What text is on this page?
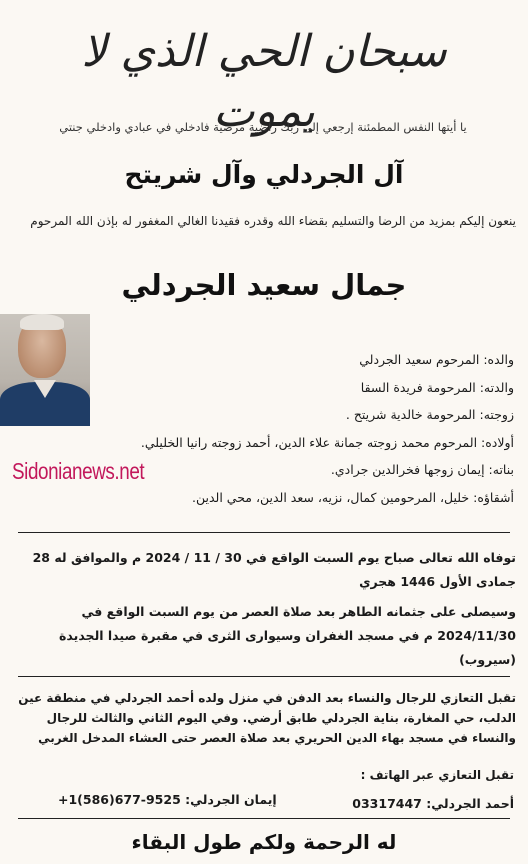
سبحان الحي الذي لا يموت
يا أيتها النفس المطمئنة إرجعي إلى ربك راضية مرضية فادخلي في عبادي وادخلي جنتي
آل الجردلي وآل شريتح
ينعون إليكم بمزيد من الرضا والتسليم بقضاء الله وقدره فقيدنا الغالي المغفور له بإذن الله المرحوم
جمال سعيد الجردلي
والده: المرحوم سعيد الجردلي
والدته: المرحومة فريدة السقا
زوجته: المرحومة خالدية شريتح .
أولاده: المرحوم محمد زوجته جمانة علاء الدين، أحمد زوجته رانيا الخليلي.
بناته: إيمان زوجها فخرالدين جرادي.
أشقاؤه: خليل، المرحومين كمال، نزيه، سعد الدين، محي الدين.
Sidonianews.net

توفاه الله تعالى صباح يوم السبت الواقع في 30 / 11 / 2024 م والموافق له 28 جمادى الأول 1446 هجري

وسيصلى على جثمانه الطاهر بعد صلاة العصر من يوم السبت الواقع في 2024/11/30 م في مسجد الغفران وسيوارى الثرى في مقبرة صيدا الجديدة (سيروب)

تقبل التعازي للرجال والنساء بعد الدفن في منزل ولده أحمد الجردلي في منطقة عين الدلب، حي المغارة، بناية الجردلي طابق أرضي. وفي اليوم الثاني والثالث للرجال والنساء في مسجد بهاء الدين الحريري بعد صلاة العصر حتى العشاء المدخل الغربي

تقبل التعازي عبر الهاتف :
أحمد الجردلي: 03317447
إيمان الجردلي: +1(586)677-9525
له الرحمة ولكم طول البقاء
